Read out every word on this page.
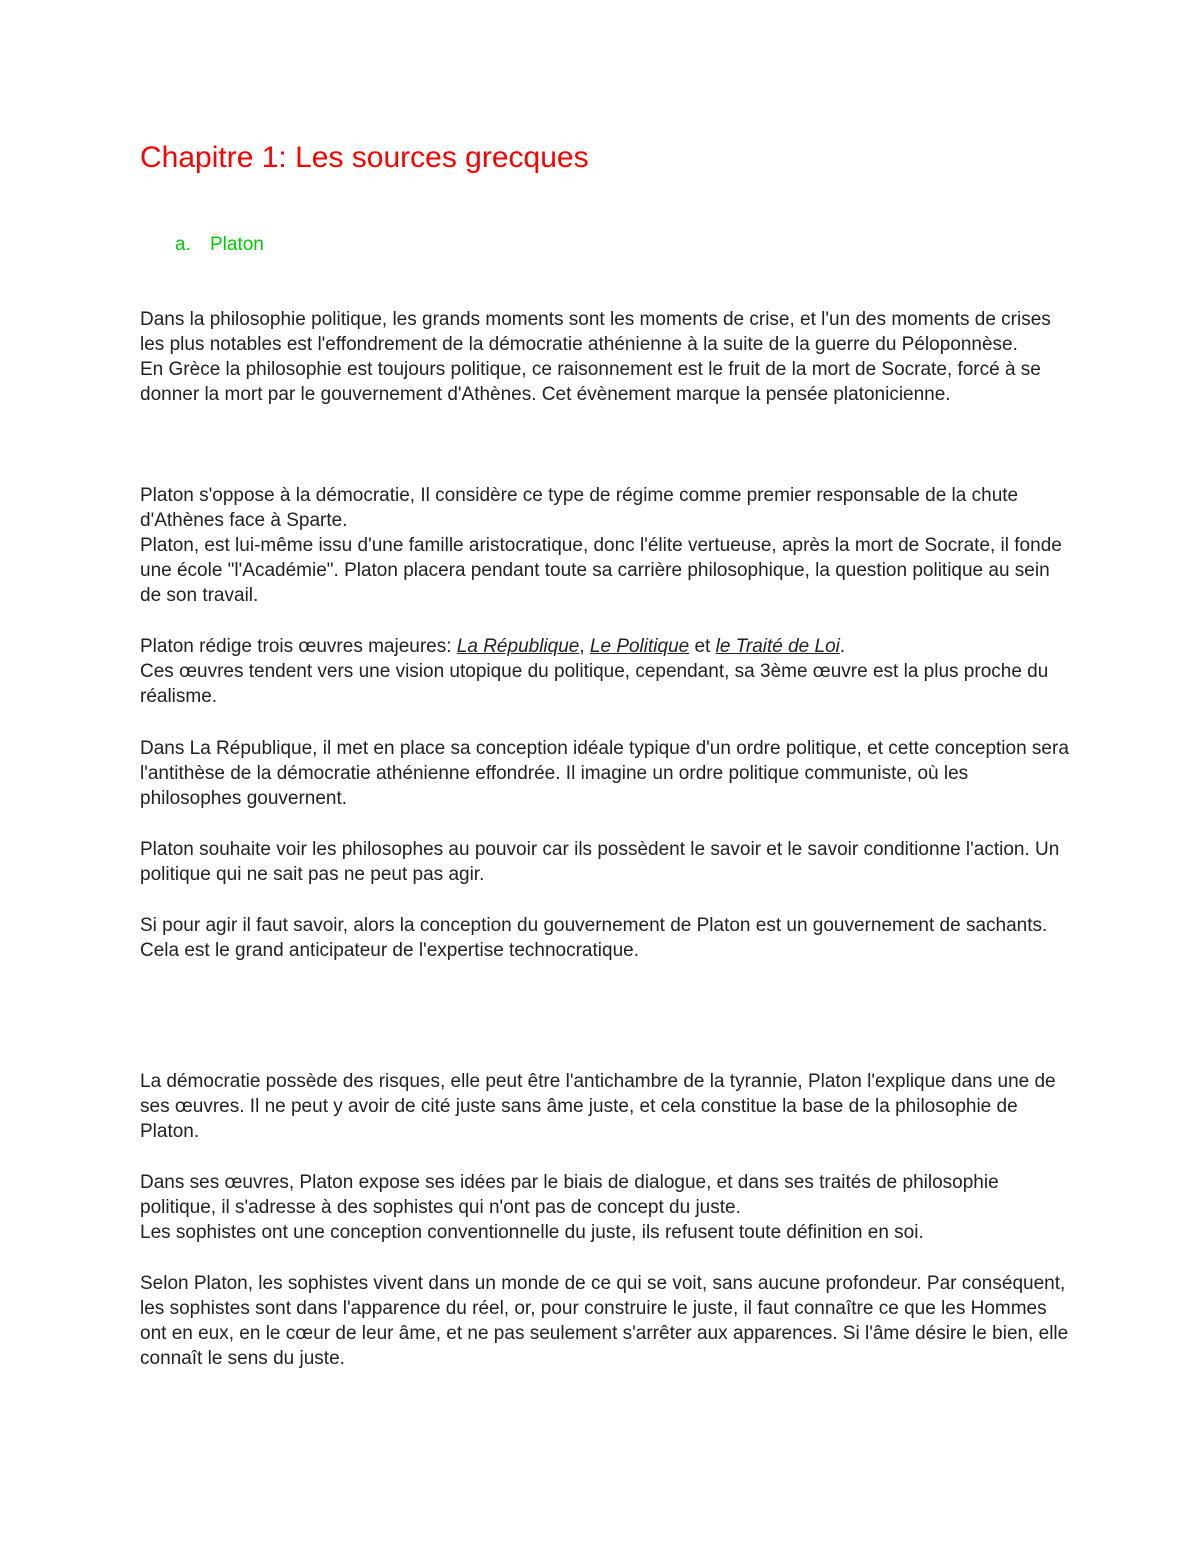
Chapitre 1: Les sources grecques
a. Platon
Dans la philosophie politique, les grands moments sont les moments de crise, et l'un des moments de crises les plus notables est l'effondrement de la démocratie athénienne à la suite de la guerre du Péloponnèse.
En Grèce la philosophie est toujours politique, ce raisonnement est le fruit de la mort de Socrate, forcé à se donner la mort par le gouvernement d'Athènes. Cet évènement marque la pensée platonicienne.
Platon s'oppose à la démocratie, Il considère ce type de régime comme premier responsable de la chute d'Athènes face à Sparte.
Platon, est lui-même issu d'une famille aristocratique, donc l'élite vertueuse, après la mort de Socrate, il fonde une école "l'Académie". Platon placera pendant toute sa carrière philosophique, la question politique au sein de son travail.
Platon rédige trois œuvres majeures: La République, Le Politique et le Traité de Loi.
Ces œuvres tendent vers une vision utopique du politique, cependant, sa 3ème œuvre est la plus proche du réalisme.
Dans La République, il met en place sa conception idéale typique d'un ordre politique, et cette conception sera l'antithèse de la démocratie athénienne effondrée. Il imagine un ordre politique communiste, où les philosophes gouvernent.
Platon souhaite voir les philosophes au pouvoir car ils possèdent le savoir et le savoir conditionne l'action. Un politique qui ne sait pas ne peut pas agir.
Si pour agir il faut savoir, alors la conception du gouvernement de Platon est un gouvernement de sachants. Cela est le grand anticipateur de l'expertise technocratique.
La démocratie possède des risques, elle peut être l'antichambre de la tyrannie, Platon l'explique dans une de ses œuvres. Il ne peut y avoir de cité juste sans âme juste, et cela constitue la base de la philosophie de Platon.
Dans ses œuvres, Platon expose ses idées par le biais de dialogue, et dans ses traités de philosophie politique, il s'adresse à des sophistes qui n'ont pas de concept du juste.
Les sophistes ont une conception conventionnelle du juste, ils refusent toute définition en soi.
Selon Platon, les sophistes vivent dans un monde de ce qui se voit, sans aucune profondeur. Par conséquent, les sophistes sont dans l'apparence du réel, or, pour construire le juste, il faut connaître ce que les Hommes ont en eux, en le cœur de leur âme, et ne pas seulement s'arrêter aux apparences. Si l'âme désire le bien, elle connaît le sens du juste.
